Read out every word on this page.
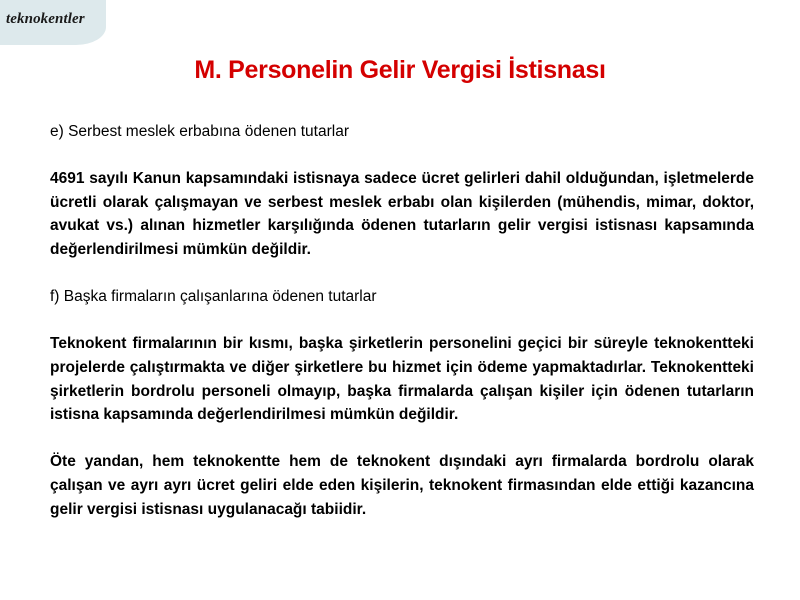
teknokentler
M. Personelin Gelir Vergisi İstisnası

e) Serbest meslek erbabına ödenen tutarlar

4691 sayılı Kanun kapsamındaki istisnaya sadece ücret gelirleri dahil olduğundan, işletmelerde ücretli olarak çalışmayan ve serbest meslek erbabı olan kişilerden (mühendis, mimar, doktor, avukat vs.) alınan hizmetler karşılığında ödenen tutarların gelir vergisi istisnası kapsamında değerlendirilmesi mümkün değildir.

f) Başka firmaların çalışanlarına ödenen tutarlar

Teknokent firmalarının bir kısmı, başka şirketlerin personelini geçici bir süreyle teknokentteki projelerde çalıştırmakta ve diğer şirketlere bu hizmet için ödeme yapmaktadırlar. Teknokentteki şirketlerin bordrolu personeli olmayıp, başka firmalarda çalışan kişiler için ödenen tutarların istisna kapsamında değerlendirilmesi mümkün değildir.

Öte yandan, hem teknokentte hem de teknokent dışındaki ayrı firmalarda bordrolu olarak çalışan ve ayrı ayrı ücret geliri elde eden kişilerin, teknokent firmasından elde ettiği kazancına gelir vergisi istisnası uygulanacağı tabiidir.
